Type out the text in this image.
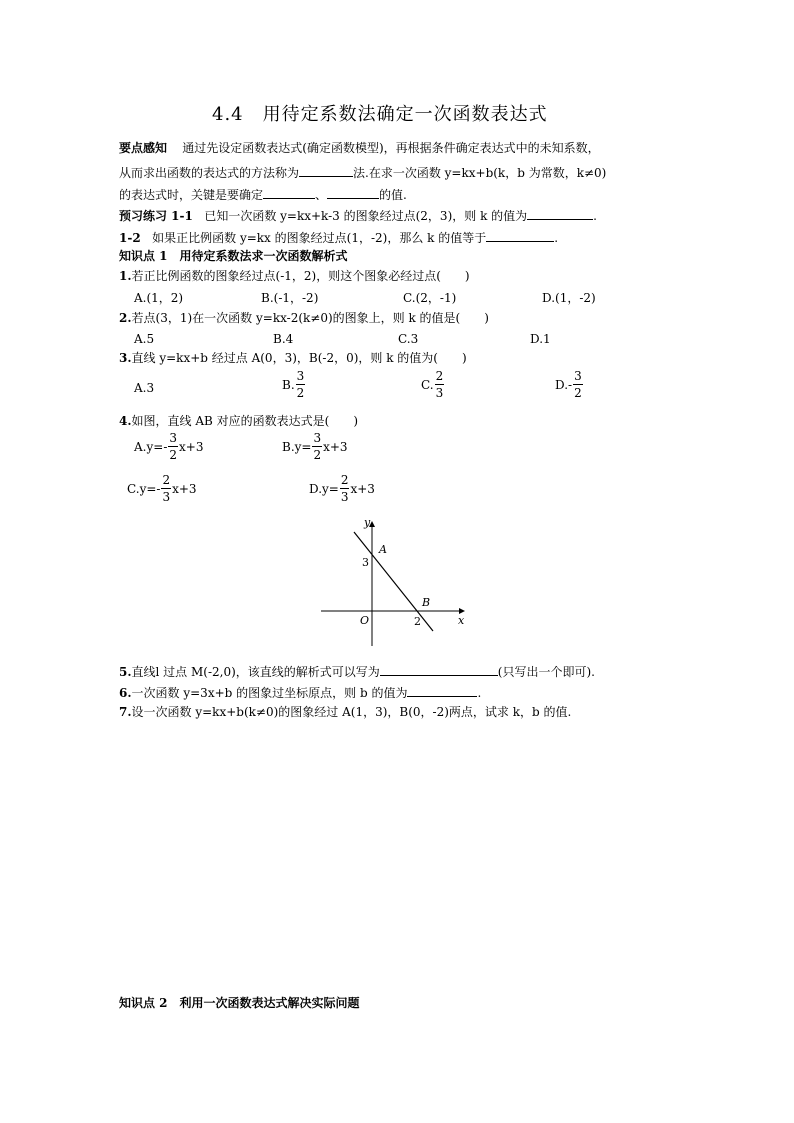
4.4　用待定系数法确定一次函数表达式
要点感知 通过先设定函数表达式(确定函数模型)，再根据条件确定表达式中的未知系数，
从而求出函数的表达式的方法称为	法.在求一次函数 y=kx+b(k，b 为常数，k≠0)
的表达式时，关键是要确定	、	的值.
预习练习 1-1 已知一次函数 y=kx+k-3 的图象经过点(2，3)，则 k 的值为	.
1-2 如果正比例函数 y=kx 的图象经过点(1，-2)，那么 k 的值等于	.
知识点 1　用待定系数法求一次函数解析式
1.若正比例函数的图象经过点(-1，2)，则这个图象必经过点(　　)
A.(1，2)	B.(-1，-2)	C.(2，-1)	D.(1，-2)
2.若点(3，1)在一次函数 y=kx-2(k≠0)的图象上，则 k 的值是(　　)
A.5	B.4	C.3	D.1
3.直线 y=kx+b 经过点 A(0，3)，B(-2，0)，则 k 的值为(　　)
A.3	B. $\frac{3}{2}$	C. $\frac{2}{3}$	$D.- \frac{3}{2}$
4.如图，直线 AB 对应的函数表达式是(　　)
$A.y=- \frac{3}{2} x+3$	$B.y= \frac{3}{2} x+3$
$C.y=- \frac{2}{3} x+3$	$D.y= \frac{2}{3} x+3$
y
x
O
A
B
3
2
5.直线l 过点 M(-2,0)，该直线的解析式可以写为	(只写出一个即可).
6.一次函数 y=3x+b 的图象过坐标原点，则 b 的值为	.
7.设一次函数 y=kx+b(k≠0)的图象经过 A(1，3)，B(0，-2)两点，试求 k，b 的值.
知识点 2　利用一次函数表达式解决实际问题
